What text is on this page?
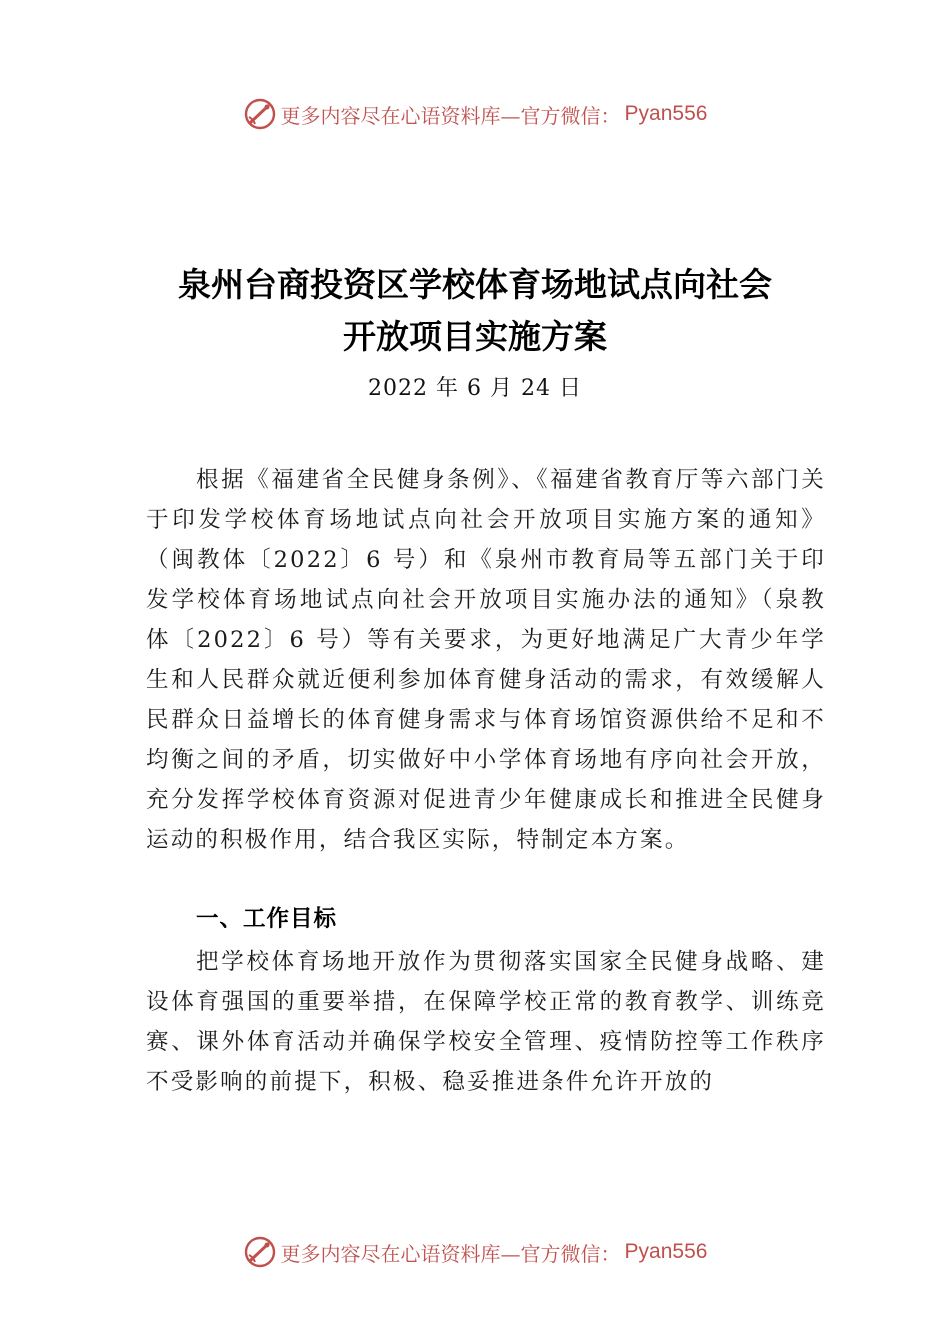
更多内容尽在心语资料库—官方微信： Pyan556
泉州台商投资区学校体育场地试点向社会
开放项目实施方案
2022 年 6 月 24 日
根据《福建省全民健身条例》、《福建省教育厅等六部门关于印发学校体育场地试点向社会开放项目实施方案的通知》（闽教体〔2022〕6 号）和《泉州市教育局等五部门关于印发学校体育场地试点向社会开放项目实施办法的通知》（泉教体〔2022〕6 号）等有关要求，为更好地满足广大青少年学生和人民群众就近便利参加体育健身活动的需求，有效缓解人民群众日益增长的体育健身需求与体育场馆资源供给不足和不均衡之间的矛盾，切实做好中小学体育场地有序向社会开放，充分发挥学校体育资源对促进青少年健康成长和推进全民健身运动的积极作用，结合我区实际，特制定本方案。
一、工作目标
把学校体育场地开放作为贯彻落实国家全民健身战略、建设体育强国的重要举措，在保障学校正常的教育教学、训练竞赛、课外体育活动并确保学校安全管理、疫情防控等工作秩序不受影响的前提下，积极、稳妥推进条件允许开放的
更多内容尽在心语资料库—官方微信： Pyan556
